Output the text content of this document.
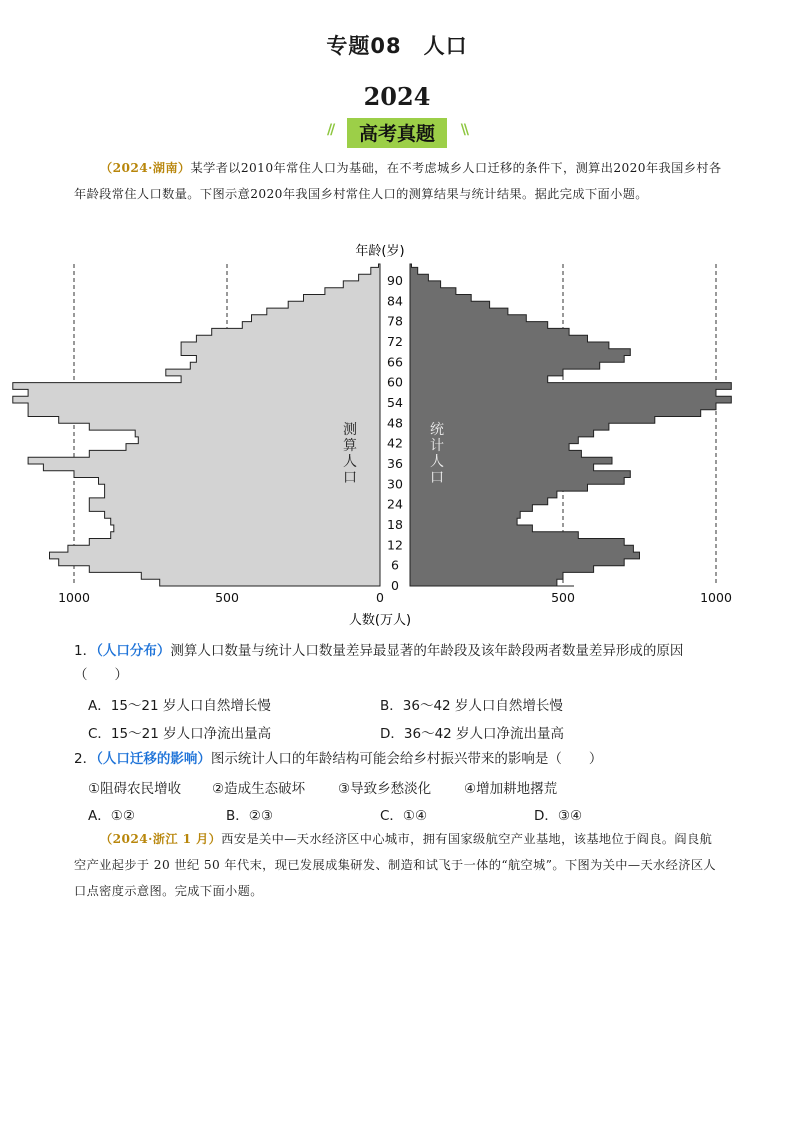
专题08　人口
2024
// 高考真题 \\
（2024·湖南）某学者以2010年常住人口为基础，在不考虑城乡人口迁移的条件下，测算出2020年我国乡村各年龄段常住人口数量。下图示意2020年我国乡村常住人口的测算结果与统计结果。据此完成下面小题。
年龄(岁)
0
6
12
18
24
30
36
42
48
54
60
66
72
78
84
90
1000	500	0	500	1000
测
算
人
口
统
计
人
口
人数(万人)
1．（人口分布）测算人口数量与统计人口数量差异最显著的年龄段及该年龄段两者数量差异形成的原因
（　　）
A．15～21 岁人口自然增长慢	B．36～42 岁人口自然增长慢
C．15～21 岁人口净流出量高	D．36～42 岁人口净流出量高
2．（人口迁移的影响）图示统计人口的年龄结构可能会给乡村振兴带来的影响是（　　）
①阻碍农民增收 ②造成生态破坏 ③导致乡愁淡化 ④增加耕地撂荒
A．①②	B．②③	C．①④	D．③④
（2024·浙江 1 月）西安是关中—天水经济区中心城市，拥有国家级航空产业基地，该基地位于阎良。阎良航空产业起步于 20 世纪 50 年代末，现已发展成集研发、制造和试飞于一体的“航空城”。下图为关中—天水经济区人口点密度示意图。完成下面小题。
